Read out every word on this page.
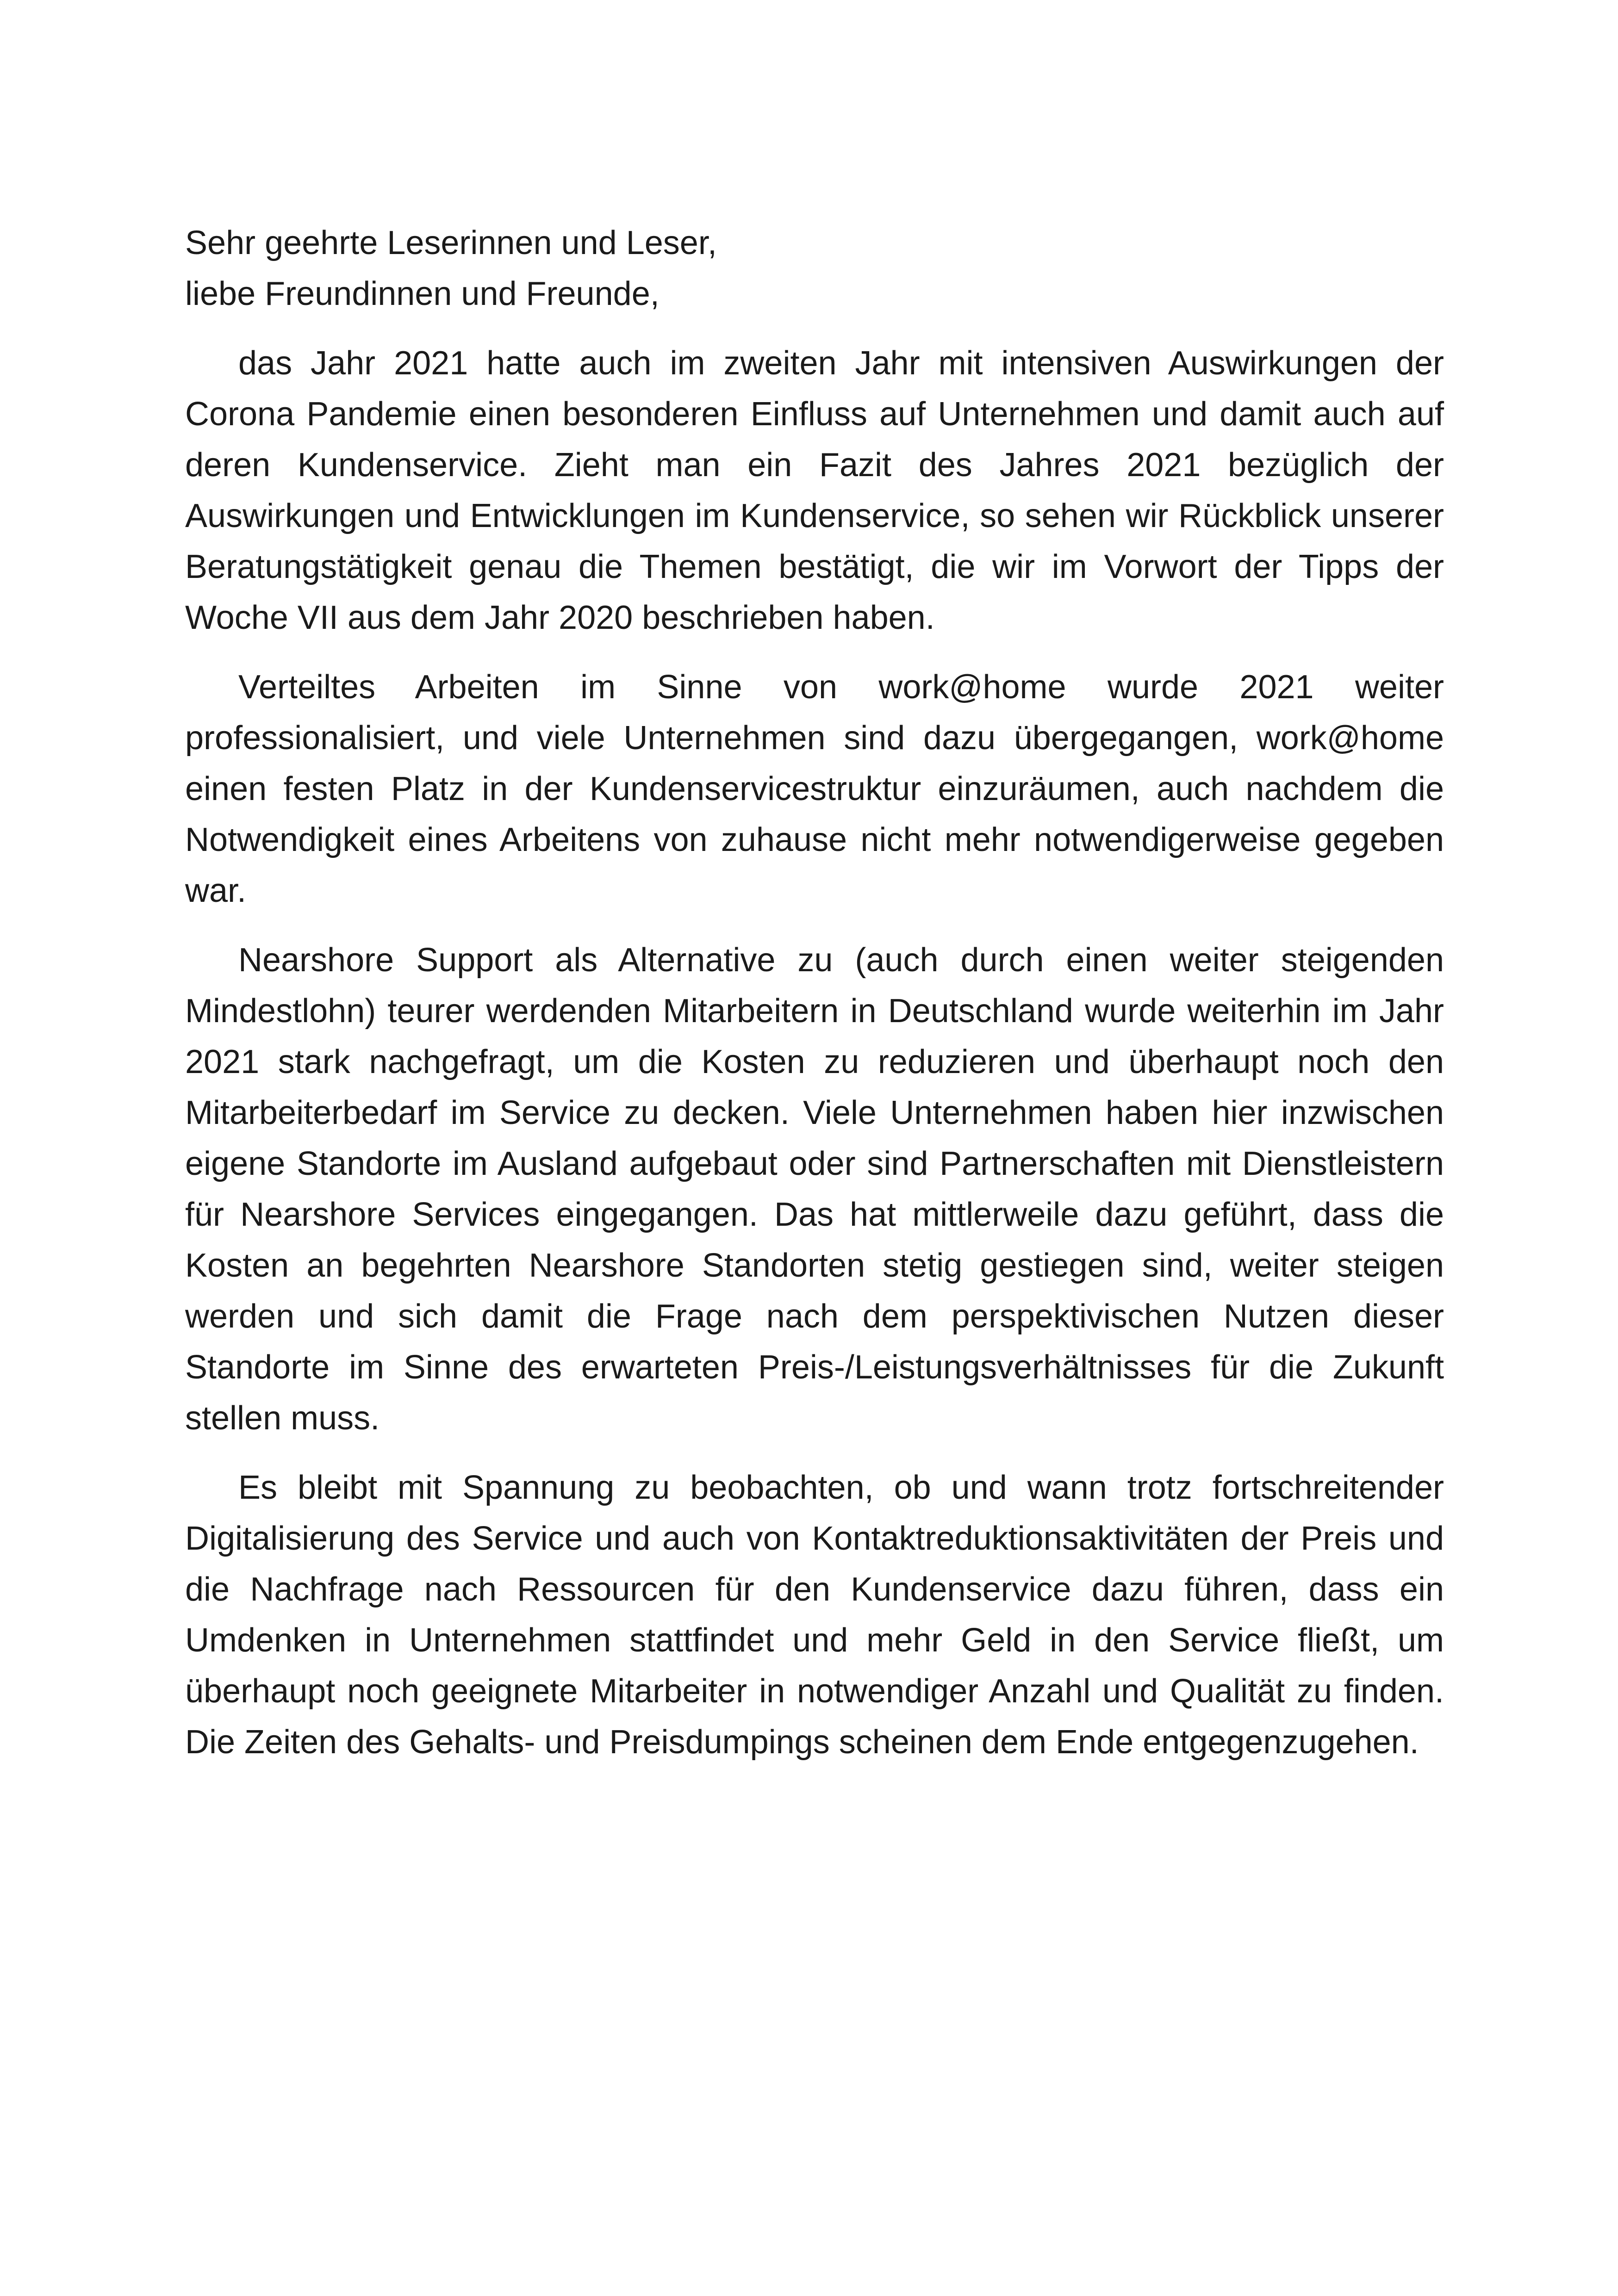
Sehr geehrte Leserinnen und Leser,
liebe Freundinnen und Freunde,

das Jahr 2021 hatte auch im zweiten Jahr mit intensiven Auswirkungen der Corona Pandemie einen besonderen Einfluss auf Unternehmen und damit auch auf deren Kundenservice. Zieht man ein Fazit des Jahres 2021 bezüglich der Auswirkungen und Entwicklungen im Kundenservice, so sehen wir Rückblick unserer Beratungstätigkeit genau die Themen bestätigt, die wir im Vorwort der Tipps der Woche VII aus dem Jahr 2020 beschrieben haben.

Verteiltes Arbeiten im Sinne von work@home wurde 2021 weiter professionalisiert, und viele Unternehmen sind dazu übergegangen, work@home einen festen Platz in der Kundenservicestruktur einzuräumen, auch nachdem die Notwendigkeit eines Arbeitens von zuhause nicht mehr notwendigerweise gegeben war.

Nearshore Support als Alternative zu (auch durch einen weiter steigenden Mindestlohn) teurer werdenden Mitarbeitern in Deutschland wurde weiterhin im Jahr 2021 stark nachgefragt, um die Kosten zu reduzieren und überhaupt noch den Mitarbeiterbedarf im Service zu decken. Viele Unternehmen haben hier inzwischen eigene Standorte im Ausland aufgebaut oder sind Partnerschaften mit Dienstleistern für Nearshore Services eingegangen. Das hat mittlerweile dazu geführt, dass die Kosten an begehrten Nearshore Standorten stetig gestiegen sind, weiter steigen werden und sich damit die Frage nach dem perspektivischen Nutzen dieser Standorte im Sinne des erwarteten Preis-/Leistungsverhältnisses für die Zukunft stellen muss.

Es bleibt mit Spannung zu beobachten, ob und wann trotz fortschreitender Digitalisierung des Service und auch von Kontaktreduktionsaktivitäten der Preis und die Nachfrage nach Ressourcen für den Kundenservice dazu führen, dass ein Umdenken in Unternehmen stattfindet und mehr Geld in den Service fließt, um überhaupt noch geeignete Mitarbeiter in notwendiger Anzahl und Qualität zu finden. Die Zeiten des Gehalts- und Preisdumpings scheinen dem Ende entgegenzugehen.
